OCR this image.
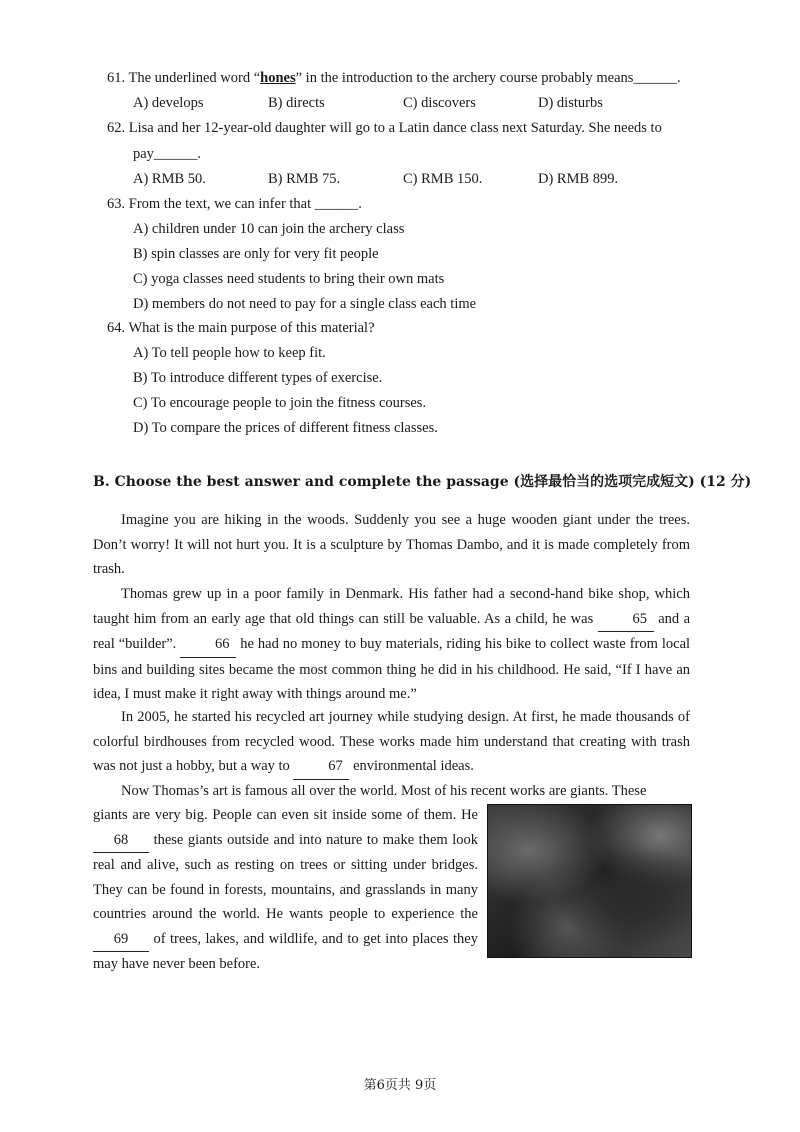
61. The underlined word “hones” in the introduction to the archery course probably means______.
A) develops	B) directs	C) discovers	D) disturbs
62. Lisa and her 12-year-old daughter will go to a Latin dance class next Saturday. She needs to
pay______.
A) RMB 50.	B) RMB 75.	C) RMB 150.	D) RMB 899.
63. From the text, we can infer that ______.
A) children under 10 can join the archery class
B) spin classes are only for very fit people
C) yoga classes need students to bring their own mats
D) members do not need to pay for a single class each time
64. What is the main purpose of this material?
A) To tell people how to keep fit.
B) To introduce different types of exercise.
C) To encourage people to join the fitness courses.
D) To compare the prices of different fitness classes.
B. Choose the best answer and complete the passage (选择最恰当的选项完成短文) (12 分)
Imagine you are hiking in the woods. Suddenly you see a huge wooden giant under the trees. Don’t worry! It will not hurt you. It is a sculpture by Thomas Dambo, and it is made completely from trash.
Thomas grew up in a poor family in Denmark. His father had a second-hand bike shop, which taught him from an early age that old things can still be valuable. As a child, he was	65 and a real “builder”.	66 he had no money to buy materials, riding his bike to collect waste from local bins and building sites became the most common thing he did in his childhood. He said, “If I have an idea, I must make it right away with things around me.”
In 2005, he started his recycled art journey while studying design. At first, he made thousands of colorful birdhouses from recycled wood. These works made him understand that creating with trash was not just a hobby, but a way to	67 environmental ideas.
Now Thomas’s art is famous all over the world. Most of his recent works are giants. These
giants are very big. People can even sit inside some of them. He 68 these giants outside and into nature to make them look real and alive, such as resting on trees or sitting under bridges. They can be found in forests, mountains, and grasslands in many countries around the world. He wants people to experience the 69 of trees, lakes, and wildlife, and to get into places they may have never been before.
第6页共 9页
